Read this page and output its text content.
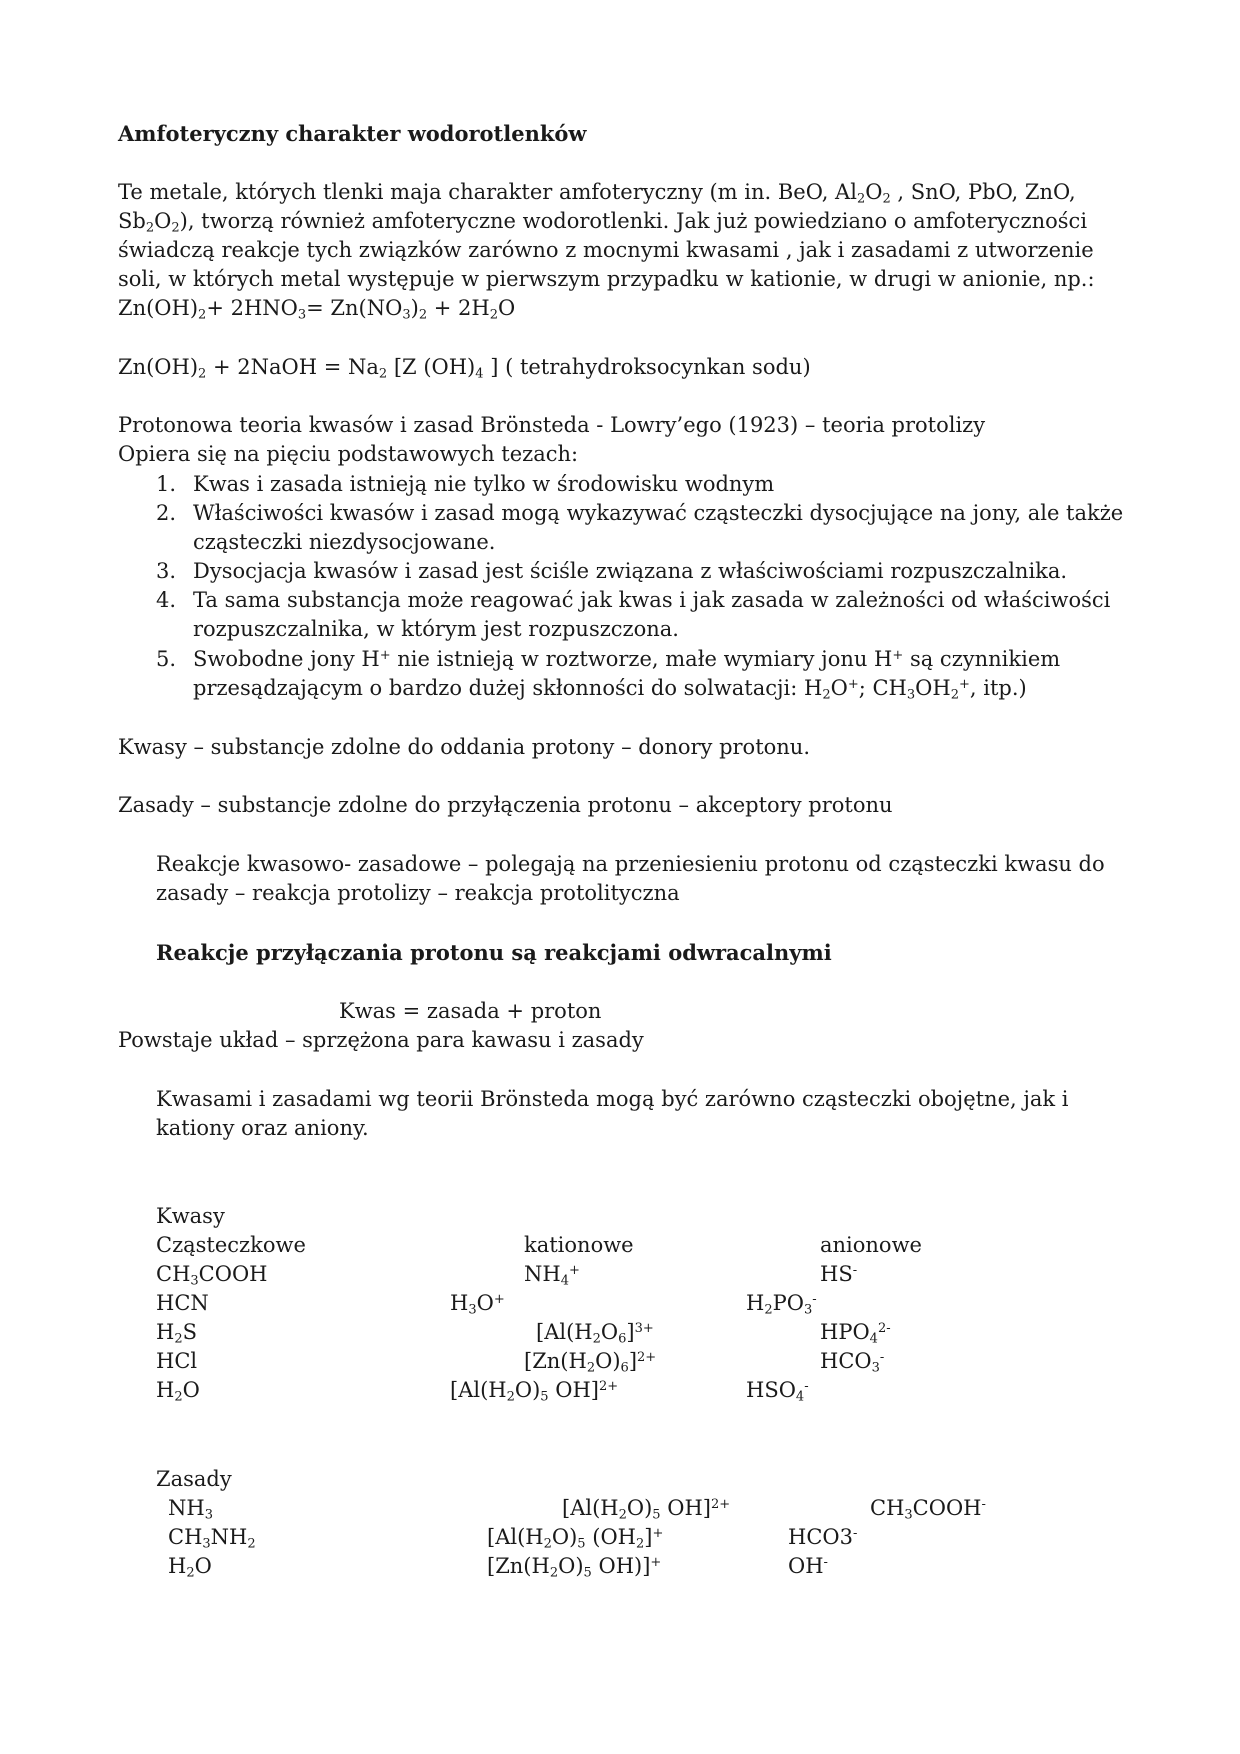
Amfoteryczny charakter wodorotlenków
Te metale, których tlenki maja charakter amfoteryczny (m in. BeO, $Al_2O_2$ , SnO, PbO, ZnO,
$Sb_2O_2$), tworzą również amfoteryczne wodorotlenki. Jak już powiedziano o amfoteryczności
świadczą reakcje tych związków zarówno z mocnymi kwasami , jak i zasadami z utworzenie
soli, w których metal występuje w pierwszym przypadku w kationie, w drugi w anionie, np.:
$Zn(OH)_2+ 2HNO_3= Zn(NO_3)_2 + 2H_2O$
$Zn(OH)_2$ + 2NaOH = $Na_2$ [Z $(OH)_4$ ] ( tetrahydroksocynkan sodu)
Protonowa teoria kwasów i zasad Brönsteda - Lowry’ego (1923) – teoria protolizy
Opiera się na pięciu podstawowych tezach:
1. Kwas i zasada istnieją nie tylko w środowisku wodnym
2. Właściwości kwasów i zasad mogą wykazywać cząsteczki dysocjujące na jony, ale także
cząsteczki niezdysocjowane.
3. Dysocjacja kwasów i zasad jest ściśle związana z właściwościami rozpuszczalnika.
4. Ta sama substancja może reagować jak kwas i jak zasada w zależności od właściwości
rozpuszczalnika, w którym jest rozpuszczona.
5. Swobodne jony H+ nie istnieją w roztworze, małe wymiary jonu H+ są czynnikiem
przesądzającym o bardzo dużej skłonności do solwatacji: $H_2O^+$; $CH_3OH_2^+$, itp.)
Kwasy – substancje zdolne do oddania protony – donory protonu.
Zasady – substancje zdolne do przyłączenia protonu – akceptory protonu
Reakcje kwasowo- zasadowe – polegają na przeniesieniu protonu od cząsteczki kwasu do
zasady – reakcja protolizy – reakcja protolityczna
Reakcje przyłączania protonu są reakcjami odwracalnymi
Kwas = zasada + proton
Powstaje układ – sprzężona para kawasu i zasady
Kwasami i zasadami wg teorii Brönsteda mogą być zarówno cząsteczki obojętne, jak i
kationy oraz aniony.
Kwasy
Cząsteczkowe	kationowe	anionowe
$CH_3COOH$	$NH_4^+$	HS-
HCN	$H_3O^+$	$H_2PO_3^-$
$H_2S$	[$Al(H_2O_6]^{3+}$	$HPO_4^{2-}$
HCl	$[Zn(H_2O)_6]^{2+}$	$HCO_3^-$
$H_2O$	[$Al(H_2O)_5$ OH]$^{2+}$	$HSO_4^-$
Zasady
$NH_3$	[$Al(H_2O)_5$ OH]$^{2+}$	$CH_3COOH^-$
$CH_3NH_2$	[$Al(H_2O)_5$ $(OH_2]^+$	HCO3-
$H_2O$	[$Zn(H_2O)_5$ OH)]+	OH-
